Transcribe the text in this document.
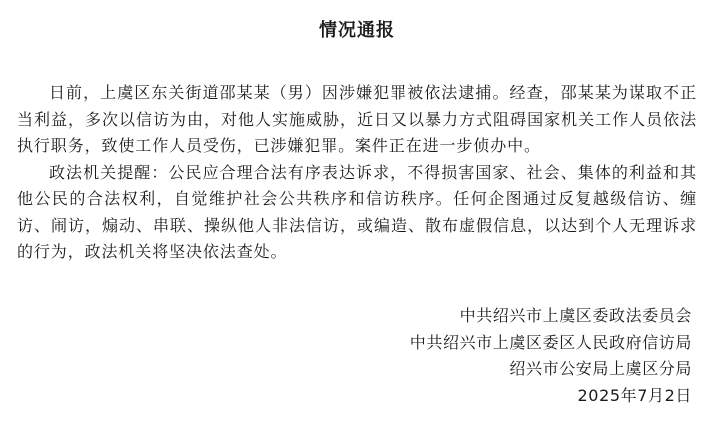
情况通报

日前，上虞区东关街道邵某某（男）因涉嫌犯罪被依法逮捕。经查，邵某某为谋取不正当利益，多次以信访为由，对他人实施威胁，近日又以暴力方式阻碍国家机关工作人员依法执行职务，致使工作人员受伤，已涉嫌犯罪。案件正在进一步侦办中。

政法机关提醒：公民应合理合法有序表达诉求，不得损害国家、社会、集体的利益和其他公民的合法权利，自觉维护社会公共秩序和信访秩序。任何企图通过反复越级信访、缠访、闹访，煽动、串联、操纵他人非法信访，或编造、散布虚假信息，以达到个人无理诉求的行为，政法机关将坚决依法查处。

中共绍兴市上虞区委政法委员会
中共绍兴市上虞区委区人民政府信访局
绍兴市公安局上虞区分局
2025年7月2日
